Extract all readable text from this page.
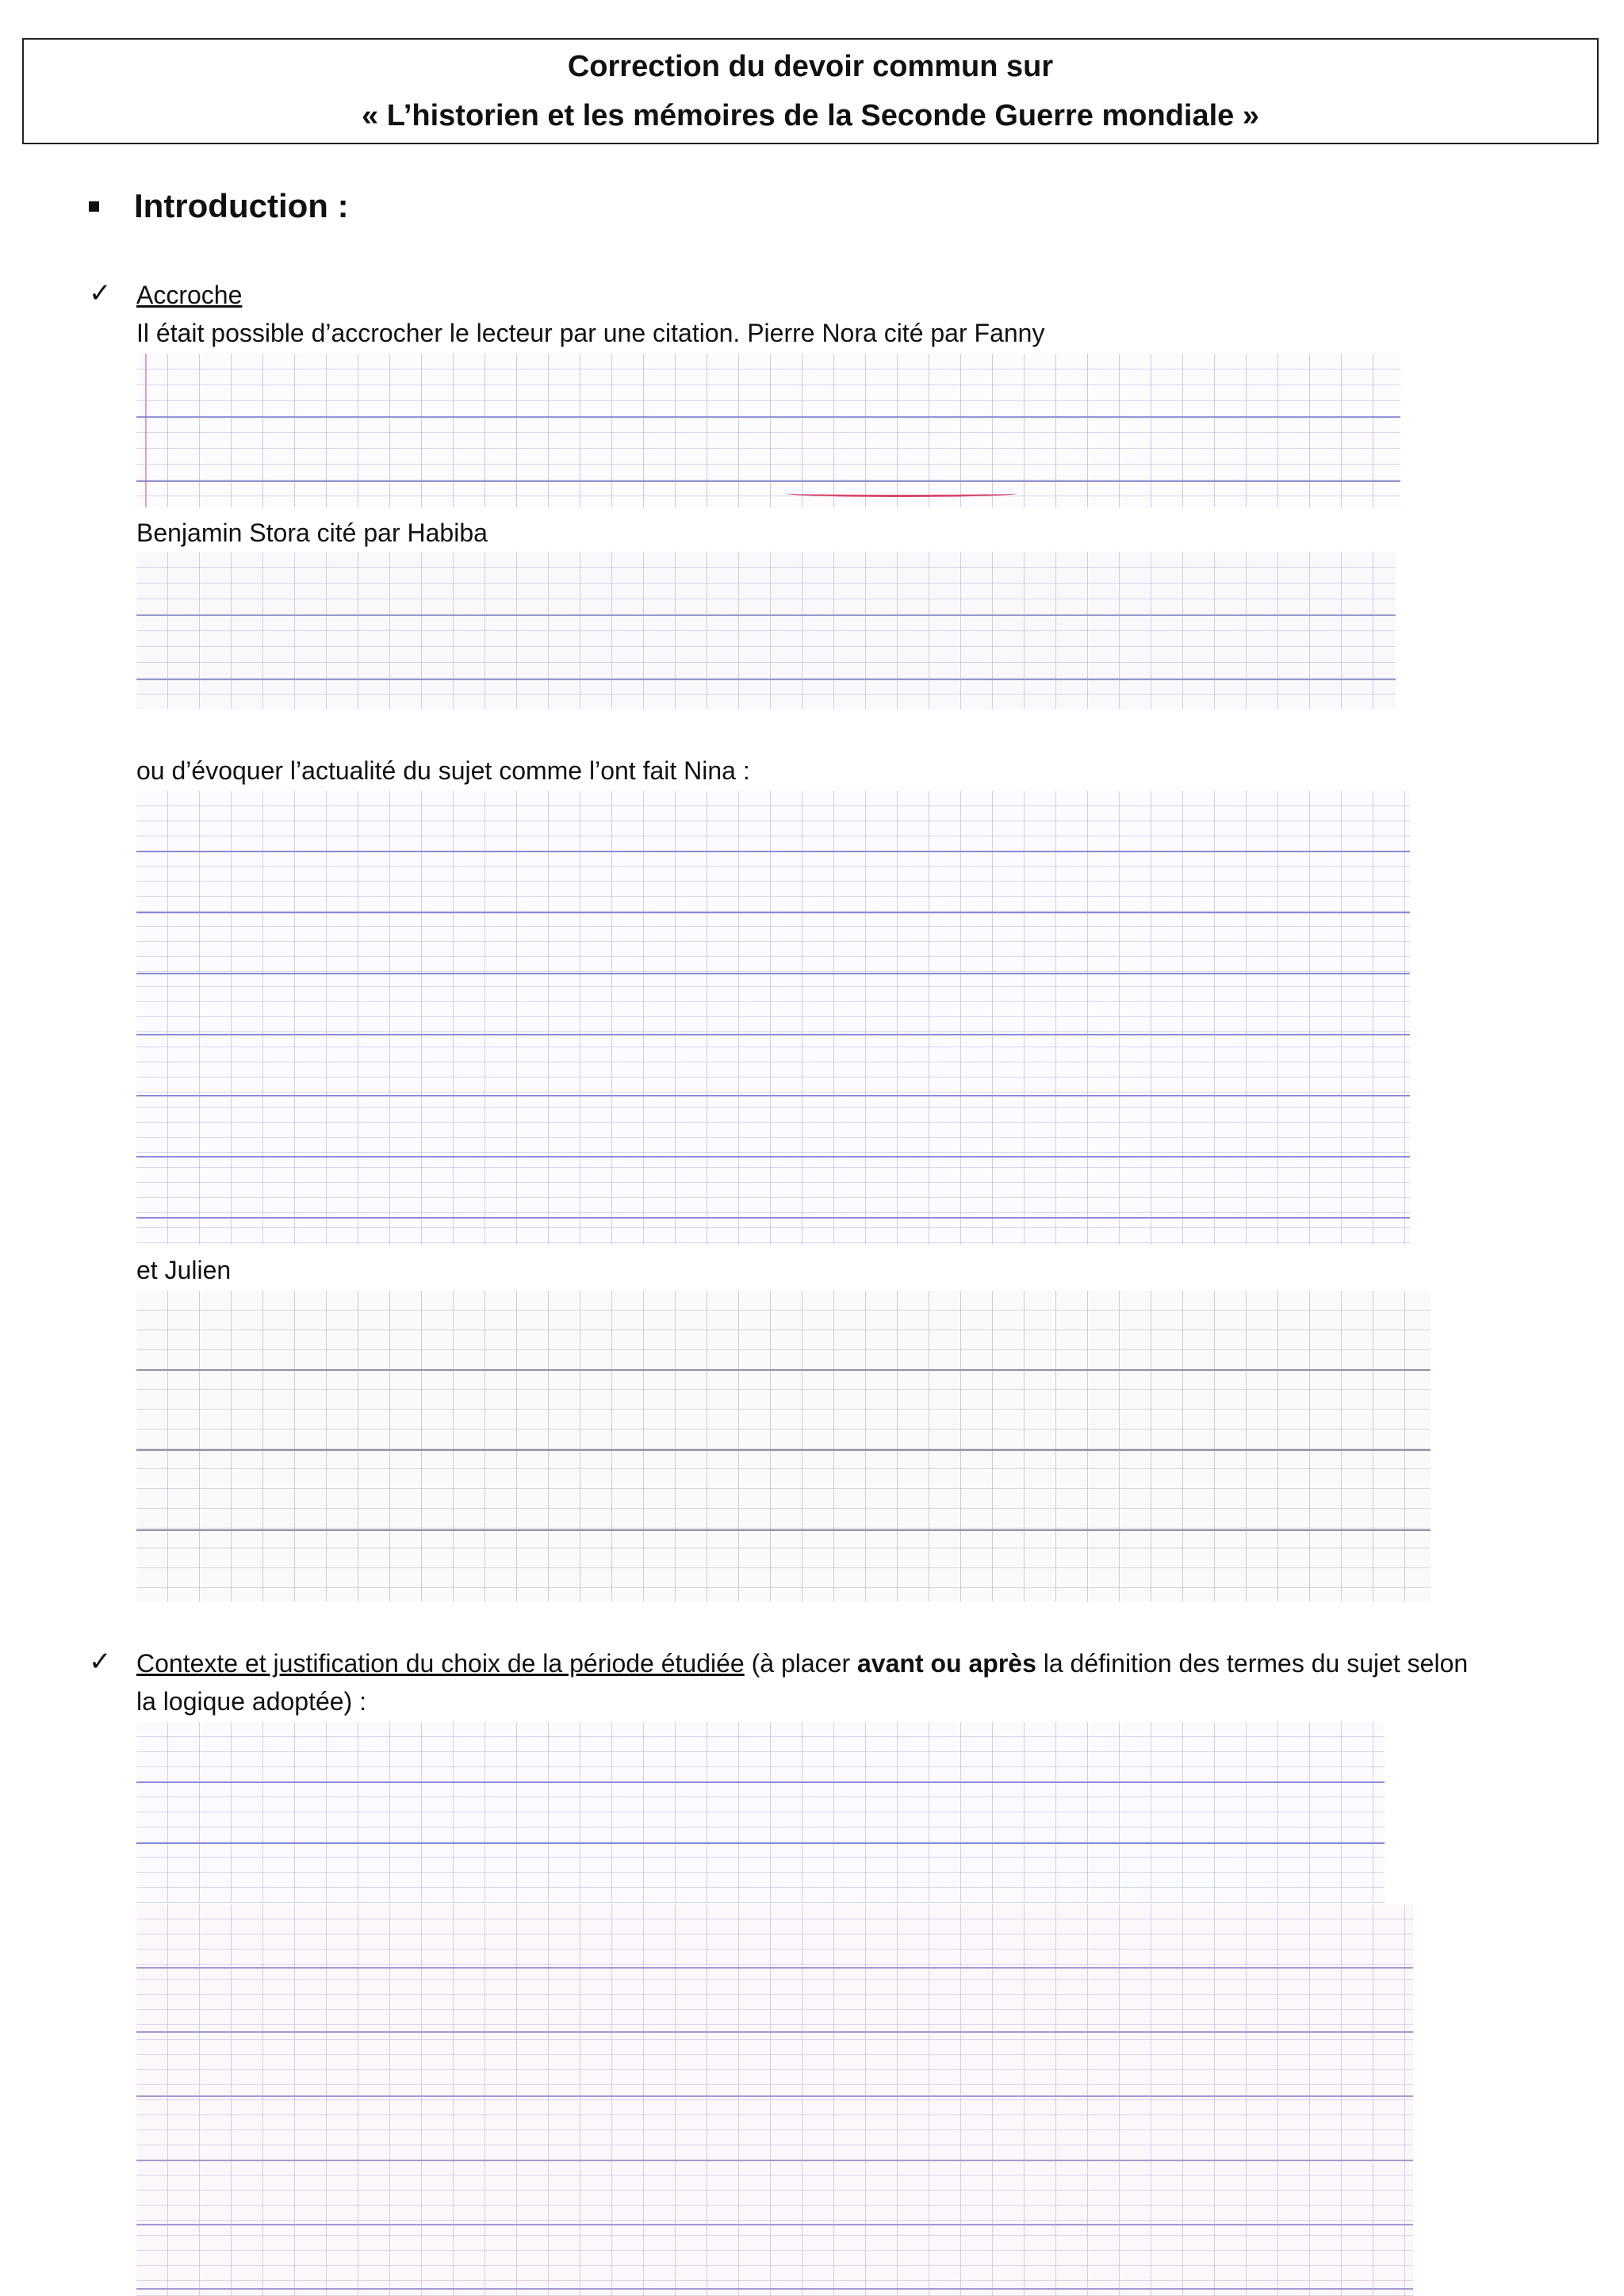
Correction du devoir commun sur
« L’historien et les mémoires de la Seconde Guerre mondiale »
Introduction :
✓ Accroche
Il était possible d’accrocher le lecteur par une citation. Pierre Nora cité par Fanny
Benjamin Stora cité par Habiba
ou d’évoquer l’actualité du sujet comme l’ont fait Nina :
et Julien
✓ Contexte et justification du choix de la période étudiée (à placer avant ou après la définition des termes du sujet selon
la logique adoptée) :
